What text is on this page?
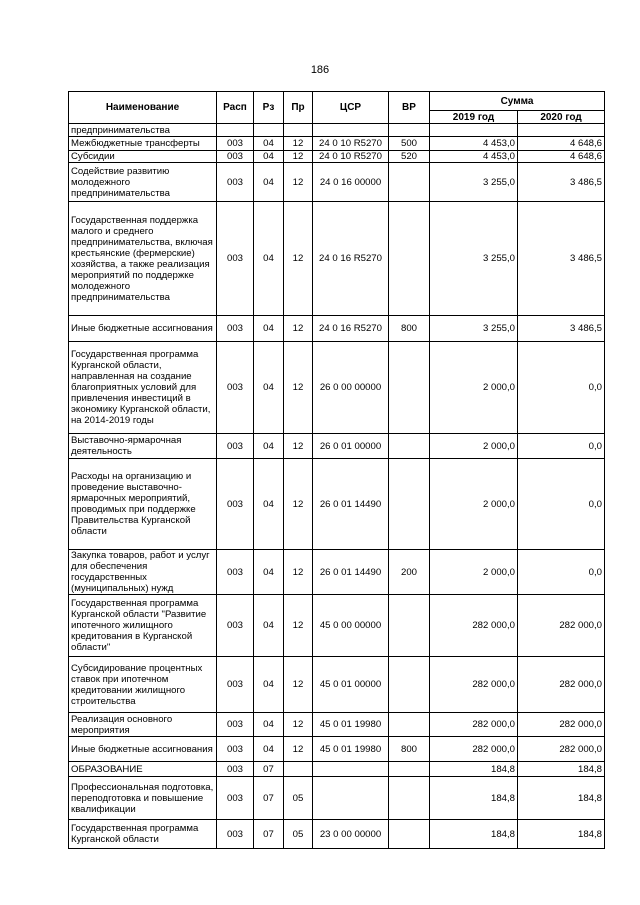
186
Наименование	Расп	Рз	Пр	ЦСР	ВР	Сумма	
						2019 год	2020 год
предпринимательства							
Межбюджетные трансферты	003	04	12	24 0 10 R5270	500	4 453,0	4 648,6
Субсидии	003	04	12	24 0 10 R5270	520	4 453,0	4 648,6
Содействие развитию молодежного предпринимательства	003	04	12	24 0 16 00000		3 255,0	3 486,5
Государственная поддержка малого и среднего предпринимательства, включая крестьянские (фермерские) хозяйства, а также реализация мероприятий по поддержке молодежного предпринимательства	003	04	12	24 0 16 R5270		3 255,0	3 486,5
Иные бюджетные ассигнования	003	04	12	24 0 16 R5270	800	3 255,0	3 486,5
Государственная программа Курганской области, направленная на создание благоприятных условий для привлечения инвестиций в экономику Курганской области, на 2014-2019 годы	003	04	12	26 0 00 00000		2 000,0	0,0
Выставочно-ярмарочная деятельность	003	04	12	26 0 01 00000		2 000,0	0,0
Расходы на организацию и проведение выставочно-ярмарочных мероприятий, проводимых при поддержке Правительства Курганской области	003	04	12	26 0 01 14490		2 000,0	0,0
Закупка товаров, работ и услуг для обеспечения государственных (муниципальных) нужд	003	04	12	26 0 01 14490	200	2 000,0	0,0
Государственная программа Курганской области "Развитие ипотечного жилищного кредитования в Курганской области"	003	04	12	45 0 00 00000		282 000,0	282 000,0
Субсидирование процентных ставок при ипотечном кредитовании жилищного строительства	003	04	12	45 0 01 00000		282 000,0	282 000,0
Реализация основного мероприятия	003	04	12	45 0 01 19980		282 000,0	282 000,0
Иные бюджетные ассигнования	003	04	12	45 0 01 19980	800	282 000,0	282 000,0
ОБРАЗОВАНИЕ	003	07				184,8	184,8
Профессиональная подготовка, переподготовка и повышение квалификации	003	07	05			184,8	184,8
Государственная программа Курганской области	003	07	05	23 0 00 00000		184,8	184,8
